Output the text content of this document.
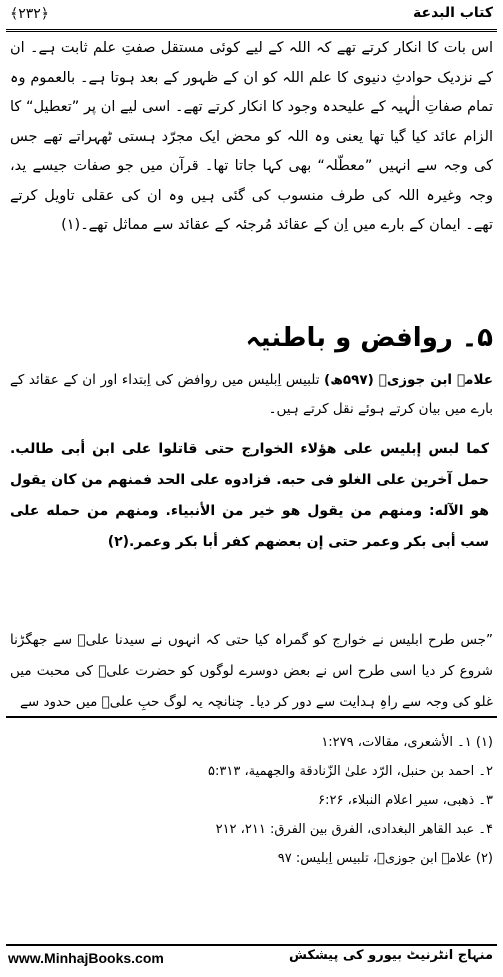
﴾۲۳۲﴿	کتاب البدعة
اس بات کا انکار کرتے تھے کہ اللہ کے لیے کوئی مستقل صفتِ علم ثابت ہے۔ ان کے نزدیک حوادثِ دنیوی کا علم اللہ کو ان کے ظہور کے بعد ہوتا ہے۔ بالعموم وہ تمام صفاتِ الٰہیہ کے علیحدہ وجود کا انکار کرتے تھے۔ اسی لیے ان پر ”تعطیل“ کا الزام عائد کیا گیا تھا یعنی وہ اللہ کو محض ایک مجرّد ہستی ٹھہراتے تھے جس کی وجہ سے انہیں ”معطّلہ“ بھی کہا جاتا تھا۔ قرآن میں جو صفات جیسے ید، وجہ وغیرہ اللہ کی طرف منسوب کی گئی ہیں وہ ان کی عقلی تاویل کرتے تھے۔ ایمان کے بارے میں اِن کے عقائد مُرجئہ کے عقائد سے مماثل تھے۔(۱)
۵۔ روافض و باطنیہ
علامہ ابن جوزیؒ (۵۹۷ھ) تلبیس اِبلیس میں روافض کی اِبتداء اور ان کے عقائد کے بارے میں بیان کرتے ہوئے نقل کرتے ہیں۔
كما لبس إبليس على هؤلاء الخوارج حتى قاتلوا على ابن أبى طالب. حمل آخرين على الغلو فى حبه. فزادوه على الحد فمنهم من كان يقول هو الآله: ومنهم من يقول هو خير من الأنبياء. ومنهم من حمله على سب أبى بكر وعمر حتى إن بعضهم كفر أبا بكر وعمر.(۲)
”جس طرح ابلیس نے خوارج کو گمراہ کیا حتی کہ انہوں نے سیدنا علیؓ سے جھگڑنا شروع کر دیا اسی طرح اس نے بعض دوسرے لوگوں کو حضرت علیؓ کی محبت میں غلو کی وجہ سے راہِ ہدایت سے دور کر دیا۔ چنانچہ یہ لوگ حبِ علیؓ میں حدود سے
(۱) ۱۔ الأشعری، مقالات، ۱:۲۷۹
۲۔ احمد بن حنبل، الرّد علیٰ الزّنادقة والجهمية، ۵:۳۱۳
۳۔ ذهبی، سیر اعلام النبلاء، ۶:۲۶
۴۔ عبد القاهر البغدادی، الفرق بین الفرق: ۲۱۱، ۲۱۲
(۲) علامہ ابن جوزیؒ، تلبیس اِبلیس: ۹۷
www.MinhajBooks.com	منہاج انٹرنیٹ بیورو کی پیشکش
